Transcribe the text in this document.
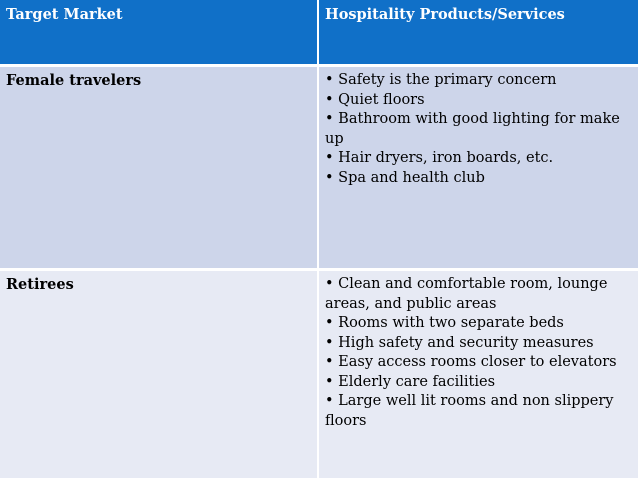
Target Market	Hospitality Products/Services
Female travelers	• Safety is the primary concern
• Quiet floors
• Bathroom with good lighting for make up
• Hair dryers, iron boards, etc.
• Spa and health club
Retirees	• Clean and comfortable room, lounge areas, and public areas
• Rooms with two separate beds
• High safety and security measures
• Easy access rooms closer to elevators
• Elderly care facilities
• Large well lit rooms and non slippery floors
